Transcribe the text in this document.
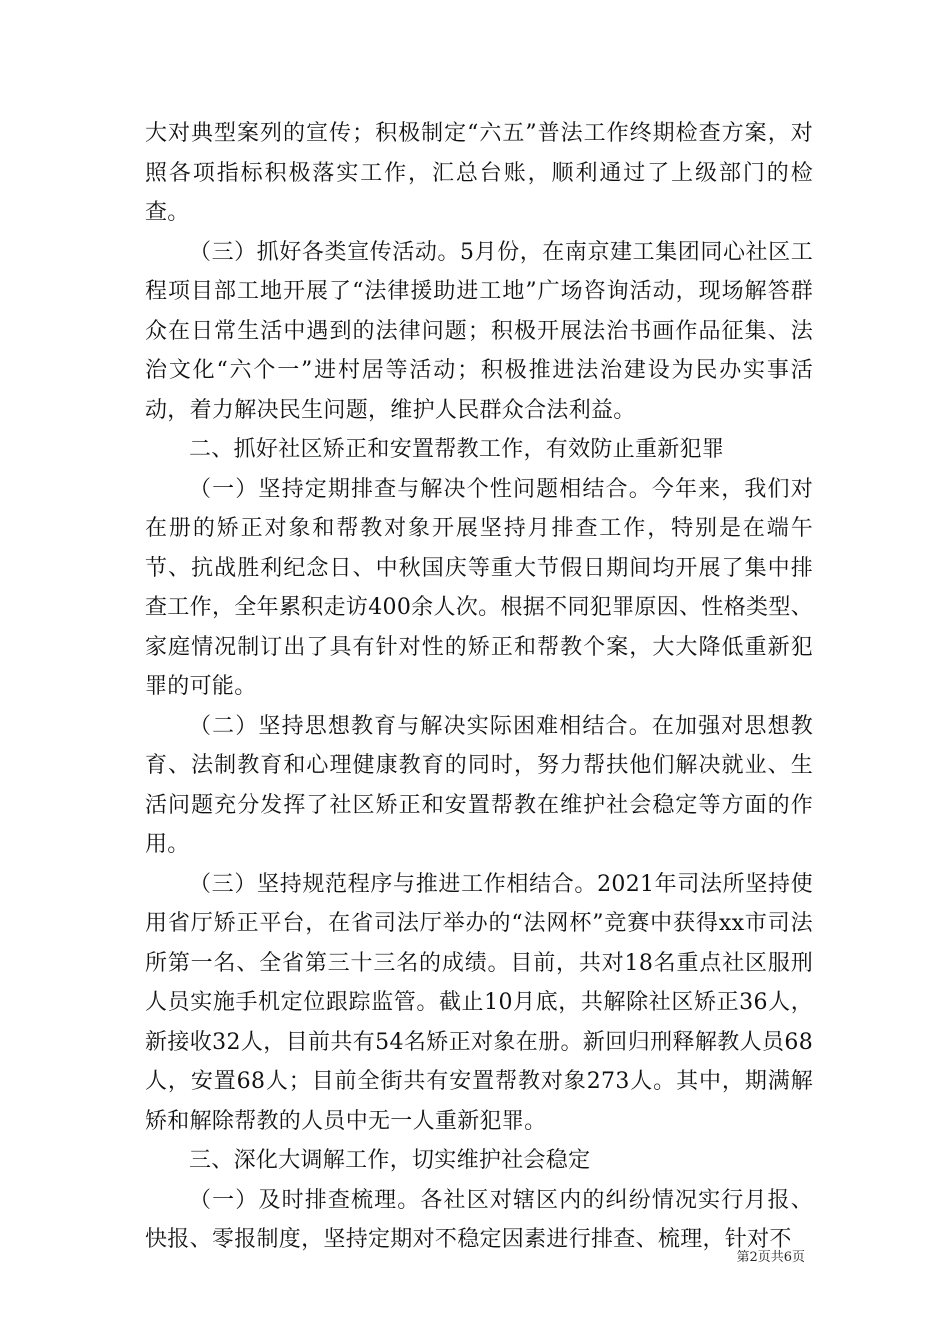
大对典型案列的宣传；积极制定“六五”普法工作终期检查方案，对照各项指标积极落实工作，汇总台账，顺利通过了上级部门的检查。

（三）抓好各类宣传活动。5月份，在南京建工集团同心社区工程项目部工地开展了“法律援助进工地”广场咨询活动，现场解答群众在日常生活中遇到的法律问题；积极开展法治书画作品征集、法治文化“六个一”进村居等活动；积极推进法治建设为民办实事活动，着力解决民生问题，维护人民群众合法利益。

二、抓好社区矫正和安置帮教工作，有效防止重新犯罪

（一）坚持定期排查与解决个性问题相结合。今年来，我们对在册的矫正对象和帮教对象开展坚持月排查工作，特别是在端午节、抗战胜利纪念日、中秋国庆等重大节假日期间均开展了集中排查工作，全年累积走访400余人次。根据不同犯罪原因、性格类型、家庭情况制订出了具有针对性的矫正和帮教个案，大大降低重新犯罪的可能。

（二）坚持思想教育与解决实际困难相结合。在加强对思想教育、法制教育和心理健康教育的同时，努力帮扶他们解决就业、生活问题充分发挥了社区矫正和安置帮教在维护社会稳定等方面的作用。

（三）坚持规范程序与推进工作相结合。2021年司法所坚持使用省厅矫正平台，在省司法厅举办的“法网杯”竞赛中获得xx市司法所第一名、全省第三十三名的成绩。目前，共对18名重点社区服刑人员实施手机定位跟踪监管。截止10月底，共解除社区矫正36人，新接收32人，目前共有54名矫正对象在册。新回归刑释解教人员68人，安置68人；目前全街共有安置帮教对象273人。其中，期满解矫和解除帮教的人员中无一人重新犯罪。

三、深化大调解工作，切实维护社会稳定

（一）及时排查梳理。各社区对辖区内的纠纷情况实行月报、快报、零报制度，坚持定期对不稳定因素进行排查、梳理，针对不

第2页共6页
